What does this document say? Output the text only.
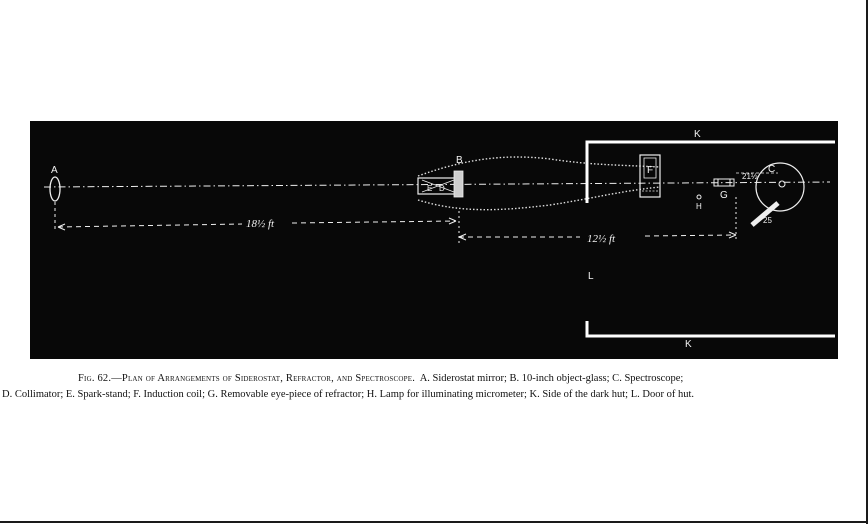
A
B
C
D
E
F
G
H
K
K
L
18½ ft
12½ ft
21½
25
Fig. 62.—Plan of Arrangements of Siderostat, Refractor, and Spectroscope. A. Siderostat mirror; B. 10-inch object-glass; C. Spectroscope;
D. Collimator; E. Spark-stand; F. Induction coil; G. Removable eye-piece of refractor; H. Lamp for illuminating micrometer; K. Side of the dark hut; L. Door of hut.
